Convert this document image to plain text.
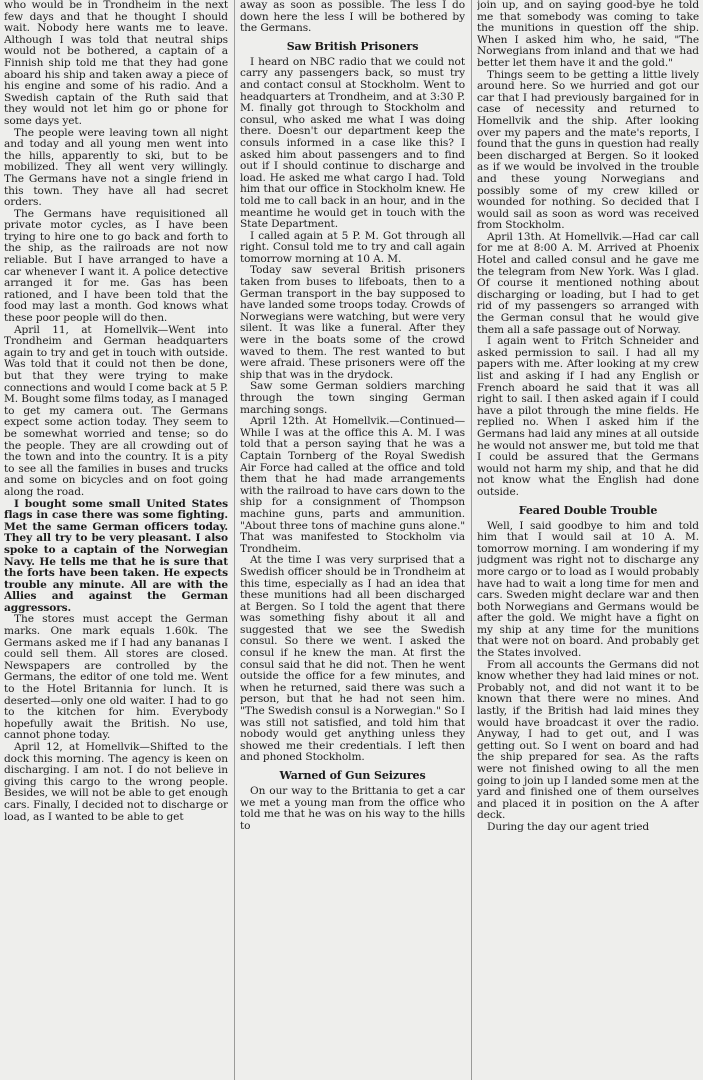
who would be in Trondheim in the next few days and that he thought I should wait. Nobody here wants me to leave. Although I was told that neutral ships would not be bothered, a captain of a Finnish ship told me that they had gone aboard his ship and taken away a piece of his engine and some of his radio. And a Swedish captain of the Ruth said that they would not let him go or phone for some days yet.

The people were leaving town all night and today and all young men went into the hills, apparently to ski, but to be mobilized. They all went very willingly. The Germans have not a single friend in this town. They have all had secret orders.

The Germans have requisitioned all private motor cycles, as I have been trying to hire one to go back and forth to the ship, as the railroads are not now reliable. But I have arranged to have a car whenever I want it. A police detective arranged it for me. Gas has been rationed, and I have been told that the food may last a month. God knows what these poor people will do then.

April 11, at Homellvik—Went into Trondheim and German headquarters again to try and get in touch with outside. Was told that it could not then be done, but that they were trying to make connections and would I come back at 5 P. M. Bought some films today, as I managed to get my camera out. The Germans expect some action today. They seem to be somewhat worried and tense; so do the people. They are all crowding out of the town and into the country. It is a pity to see all the families in buses and trucks and some on bicycles and on foot going along the road.

I bought some small United States flags in case there was some fighting. Met the same German officers today. They all try to be very pleasant. I also spoke to a captain of the Norwegian Navy. He tells me that he is sure that the forts have been taken. He expects trouble any minute. All are with the Allies and against the German aggressors.

The stores must accept the German marks. One mark equals 1.60k. The Germans asked me if I had any bananas I could sell them. All stores are closed. Newspapers are controlled by the Germans, the editor of one told me. Went to the Hotel Britannia for lunch. It is deserted—only one old waiter. I had to go to the kitchen for him. Everybody hopefully await the British. No use, cannot phone today.

April 12, at Homellvik—Shifted to the dock this morning. The agency is keen on discharging. I am not. I do not believe in giving this cargo to the wrong people. Besides, we will not be able to get enough cars. Finally, I decided not to discharge or load, as I wanted to be able to get

away as soon as possible. The less I do down here the less I will be bothered by the Germans.

Saw British Prisoners

I heard on NBC radio that we could not carry any passengers back, so must try and contact consul at Stockholm. Went to headquarters at Trondheim, and at 3:30 P. M. finally got through to Stockholm and consul, who asked me what I was doing there. Doesn't our department keep the consuls informed in a case like this? I asked him about passengers and to find out if I should continue to discharge and load. He asked me what cargo I had. Told him that our office in Stockholm knew. He told me to call back in an hour, and in the meantime he would get in touch with the State Department.

I called again at 5 P. M. Got through all right. Consul told me to try and call again tomorrow morning at 10 A. M.

Today saw several British prisoners taken from buses to lifeboats, then to a German transport in the bay supposed to have landed some troops today. Crowds of Norwegians were watching, but were very silent. It was like a funeral. After they were in the boats some of the crowd waved to them. The rest wanted to but were afraid. These prisoners were off the ship that was in the drydock.

Saw some German soldiers marching through the town singing German marching songs.

April 12th. At Homellvik.—Continued—While I was at the office this A. M. I was told that a person saying that he was a Captain Tornberg of the Royal Swedish Air Force had called at the office and told them that he had made arrangements with the railroad to have cars down to the ship for a consignment of Thompson machine guns, parts and ammunition. "About three tons of machine guns alone." That was manifested to Stockholm via Trondheim.

At the time I was very surprised that a Swedish officer should be in Trondheim at this time, especially as I had an idea that these munitions had all been discharged at Bergen. So I told the agent that there was something fishy about it all and suggested that we see the Swedish consul. So there we went. I asked the consul if he knew the man. At first the consul said that he did not. Then he went outside the office for a few minutes, and when he returned, said there was such a person, but that he had not seen him. "The Swedish consul is a Norwegian." So I was still not satisfied, and told him that nobody would get anything unless they showed me their credentials. I left then and phoned Stockholm.

Warned of Gun Seizures

On our way to the Brittania to get a car we met a young man from the office who told me that he was on his way to the hills to

join up, and on saying good-bye he told me that somebody was coming to take the munitions in question off the ship. When I asked him who, he said, "The Norwegians from inland and that we had better let them have it and the gold."

Things seem to be getting a little lively around here. So we hurried and got our car that I had previously bargained for in case of necessity and returned to Homellvik and the ship. After looking over my papers and the mate's reports, I found that the guns in question had really been discharged at Bergen. So it looked as if we would be involved in the trouble and these young Norwegians and possibly some of my crew killed or wounded for nothing. So decided that I would sail as soon as word was received from Stockholm.

April 13th. At Homellvik.—Had car call for me at 8:00 A. M. Arrived at Phoenix Hotel and called consul and he gave me the telegram from New York. Was I glad. Of course it mentioned nothing about discharging or loading, but I had to get rid of my passengers so arranged with the German consul that he would give them all a safe passage out of Norway.

I again went to Fritch Schneider and asked permission to sail. I had all my papers with me. After looking at my crew list and asking if I had any English or French aboard he said that it was all right to sail. I then asked again if I could have a pilot through the mine fields. He replied no. When I asked him if the Germans had laid any mines at all outside he would not answer me, but told me that I could be assured that the Germans would not harm my ship, and that he did not know what the English had done outside.

Feared Double Trouble

Well, I said goodbye to him and told him that I would sail at 10 A. M. tomorrow morning. I am wondering if my judgment was right not to discharge any more cargo or to load as I would probably have had to wait a long time for men and cars. Sweden might declare war and then both Norwegians and Germans would be after the gold. We might have a fight on my ship at any time for the munitions that were not on board. And probably get the States involved.

From all accounts the Germans did not know whether they had laid mines or not. Probably not, and did not want it to be known that there were no mines. And lastly, if the British had laid mines they would have broadcast it over the radio. Anyway, I had to get out, and I was getting out. So I went on board and had the ship prepared for sea. As the rafts were not finished owing to all the men going to join up I landed some men at the yard and finished one of them ourselves and placed it in position on the A after deck.

During the day our agent tried
